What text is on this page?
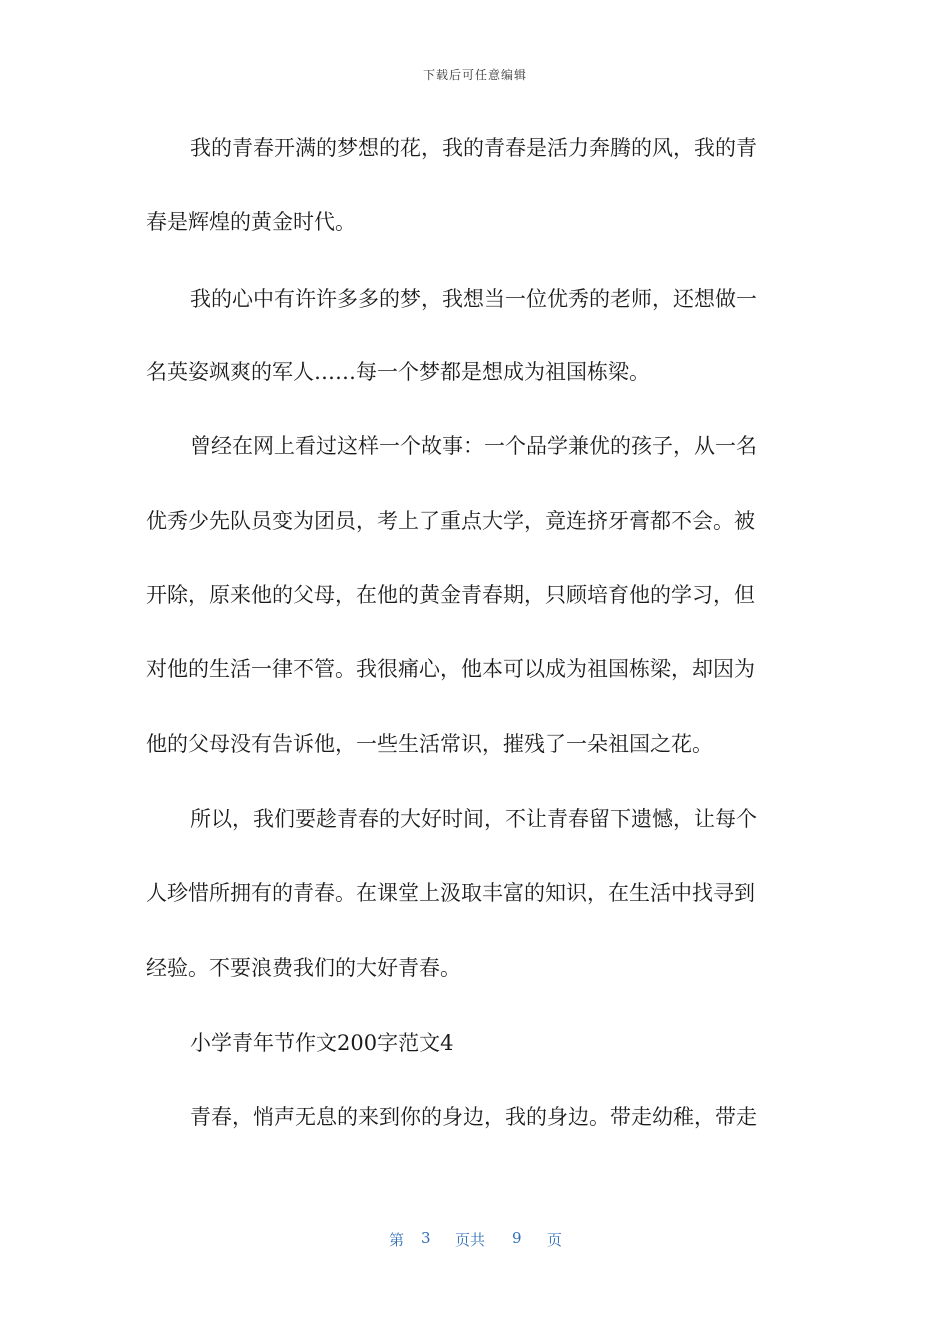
下载后可任意编辑
我的青春开满的梦想的花，我的青春是活力奔腾的风，我的青
春是辉煌的黄金时代。
我的心中有许许多多的梦，我想当一位优秀的老师，还想做一
名英姿飒爽的军人……每一个梦都是想成为祖国栋梁。
曾经在网上看过这样一个故事：一个品学兼优的孩子，从一名
优秀少先队员变为团员，考上了重点大学，竟连挤牙膏都不会。被
开除，原来他的父母，在他的黄金青春期，只顾培育他的学习，但
对他的生活一律不管。我很痛心，他本可以成为祖国栋梁，却因为
他的父母没有告诉他，一些生活常识，摧残了一朵祖国之花。
所以，我们要趁青春的大好时间，不让青春留下遗憾，让每个
人珍惜所拥有的青春。在课堂上汲取丰富的知识，在生活中找寻到
经验。不要浪费我们的大好青春。
小学青年节作文200字范文4
青春，悄声无息的来到你的身边，我的身边。带走幼稚，带走
第 3 页共 9 页
